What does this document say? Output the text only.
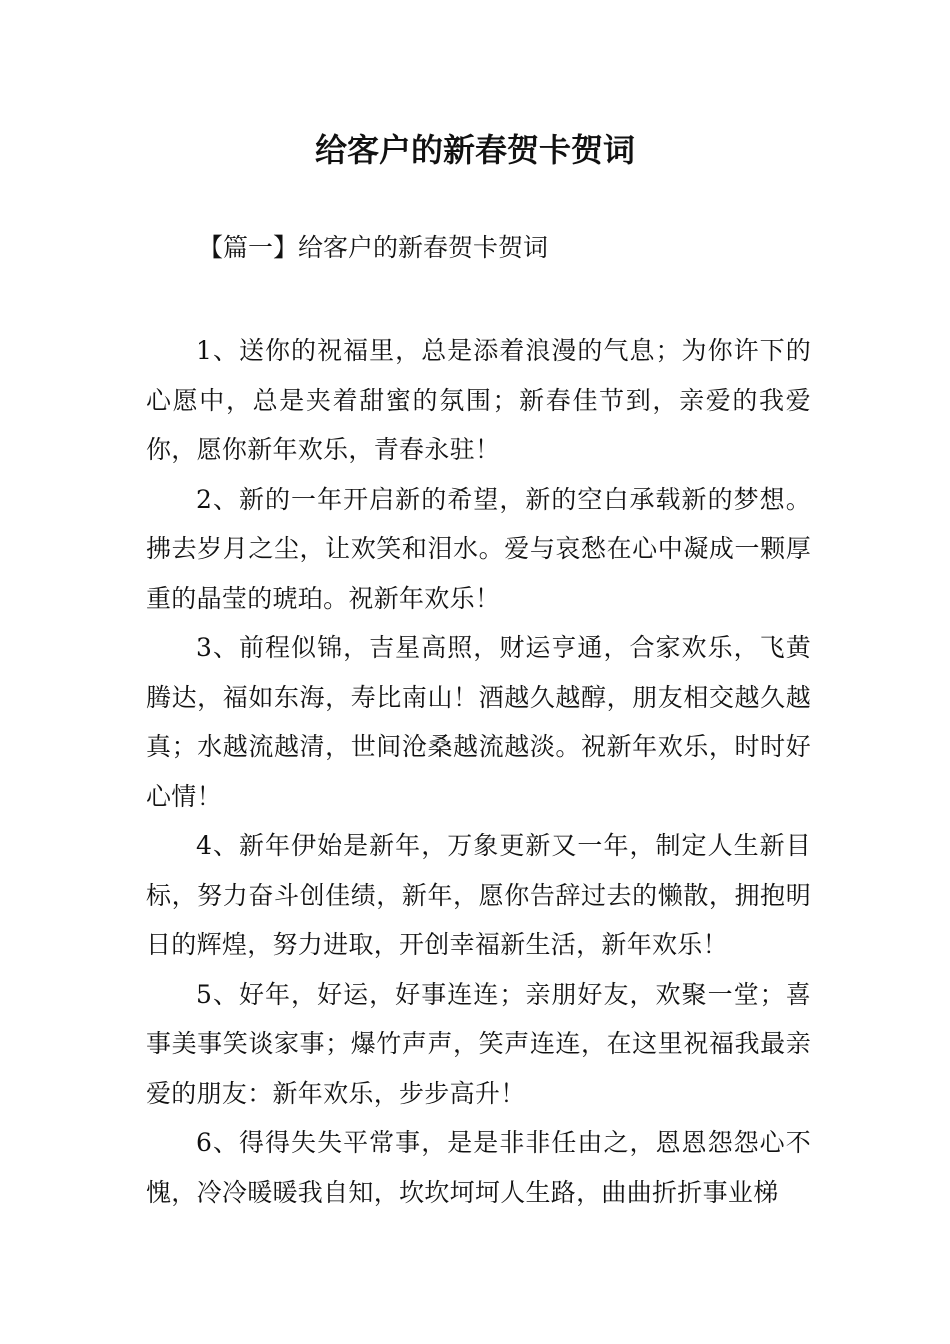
给客户的新春贺卡贺词
【篇一】给客户的新春贺卡贺词

1、送你的祝福里，总是添着浪漫的气息；为你许下的心愿中，总是夹着甜蜜的氛围；新春佳节到，亲爱的我爱你，愿你新年欢乐，青春永驻！

2、新的一年开启新的希望，新的空白承载新的梦想。拂去岁月之尘，让欢笑和泪水。爱与哀愁在心中凝成一颗厚重的晶莹的琥珀。祝新年欢乐！

3、前程似锦，吉星高照，财运亨通，合家欢乐，飞黄腾达，福如东海，寿比南山！酒越久越醇，朋友相交越久越真；水越流越清，世间沧桑越流越淡。祝新年欢乐，时时好心情！

4、新年伊始是新年，万象更新又一年，制定人生新目标，努力奋斗创佳绩，新年，愿你告辞过去的懒散，拥抱明日的辉煌，努力进取，开创幸福新生活，新年欢乐！

5、好年，好运，好事连连；亲朋好友，欢聚一堂；喜事美事笑谈家事；爆竹声声，笑声连连，在这里祝福我最亲爱的朋友：新年欢乐，步步高升！

6、得得失失平常事，是是非非任由之，恩恩怨怨心不愧，冷冷暖暖我自知，坎坎坷坷人生路，曲曲折折事业梯
